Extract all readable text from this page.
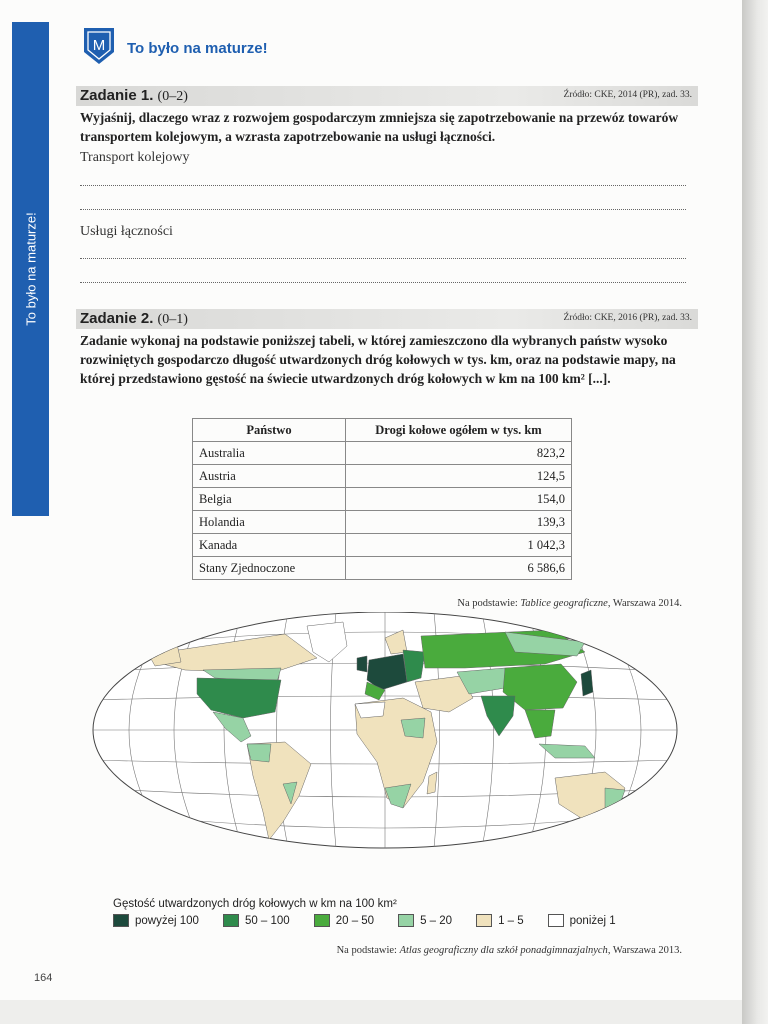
To było na maturze!
M To było na maturze!
Zadanie 1. (0–2)	Źródło: CKE, 2014 (PR), zad. 33.
Wyjaśnij, dlaczego wraz z rozwojem gospodarczym zmniejsza się zapotrzebowanie na przewóz towarów transportem kolejowym, a wzrasta zapotrzebowanie na usługi łączności.
Transport kolejowy
Usługi łączności
Zadanie 2. (0–1)	Źródło: CKE, 2016 (PR), zad. 33.
Zadanie wykonaj na podstawie poniższej tabeli, w której zamieszczono dla wybranych państw wysoko rozwiniętych gospodarczo długość utwardzonych dróg kołowych w tys. km, oraz na podstawie mapy, na której przedstawiono gęstość na świecie utwardzonych dróg kołowych w km na 100 km² [...].
Państwo	Drogi kołowe ogółem w tys. km
Australia	823,2
Austria	124,5
Belgia	154,0
Holandia	139,3
Kanada	1 042,3
Stany Zjednoczone	6 586,6
Na podstawie: Tablice geograficzne, Warszawa 2014.
Gęstość utwardzonych dróg kołowych w km na 100 km²
powyżej 100	50 – 100	20 – 50	5 – 20	1 – 5	poniżej 1
Na podstawie: Atlas geograficzny dla szkół ponadgimnazjalnych, Warszawa 2013.
164
